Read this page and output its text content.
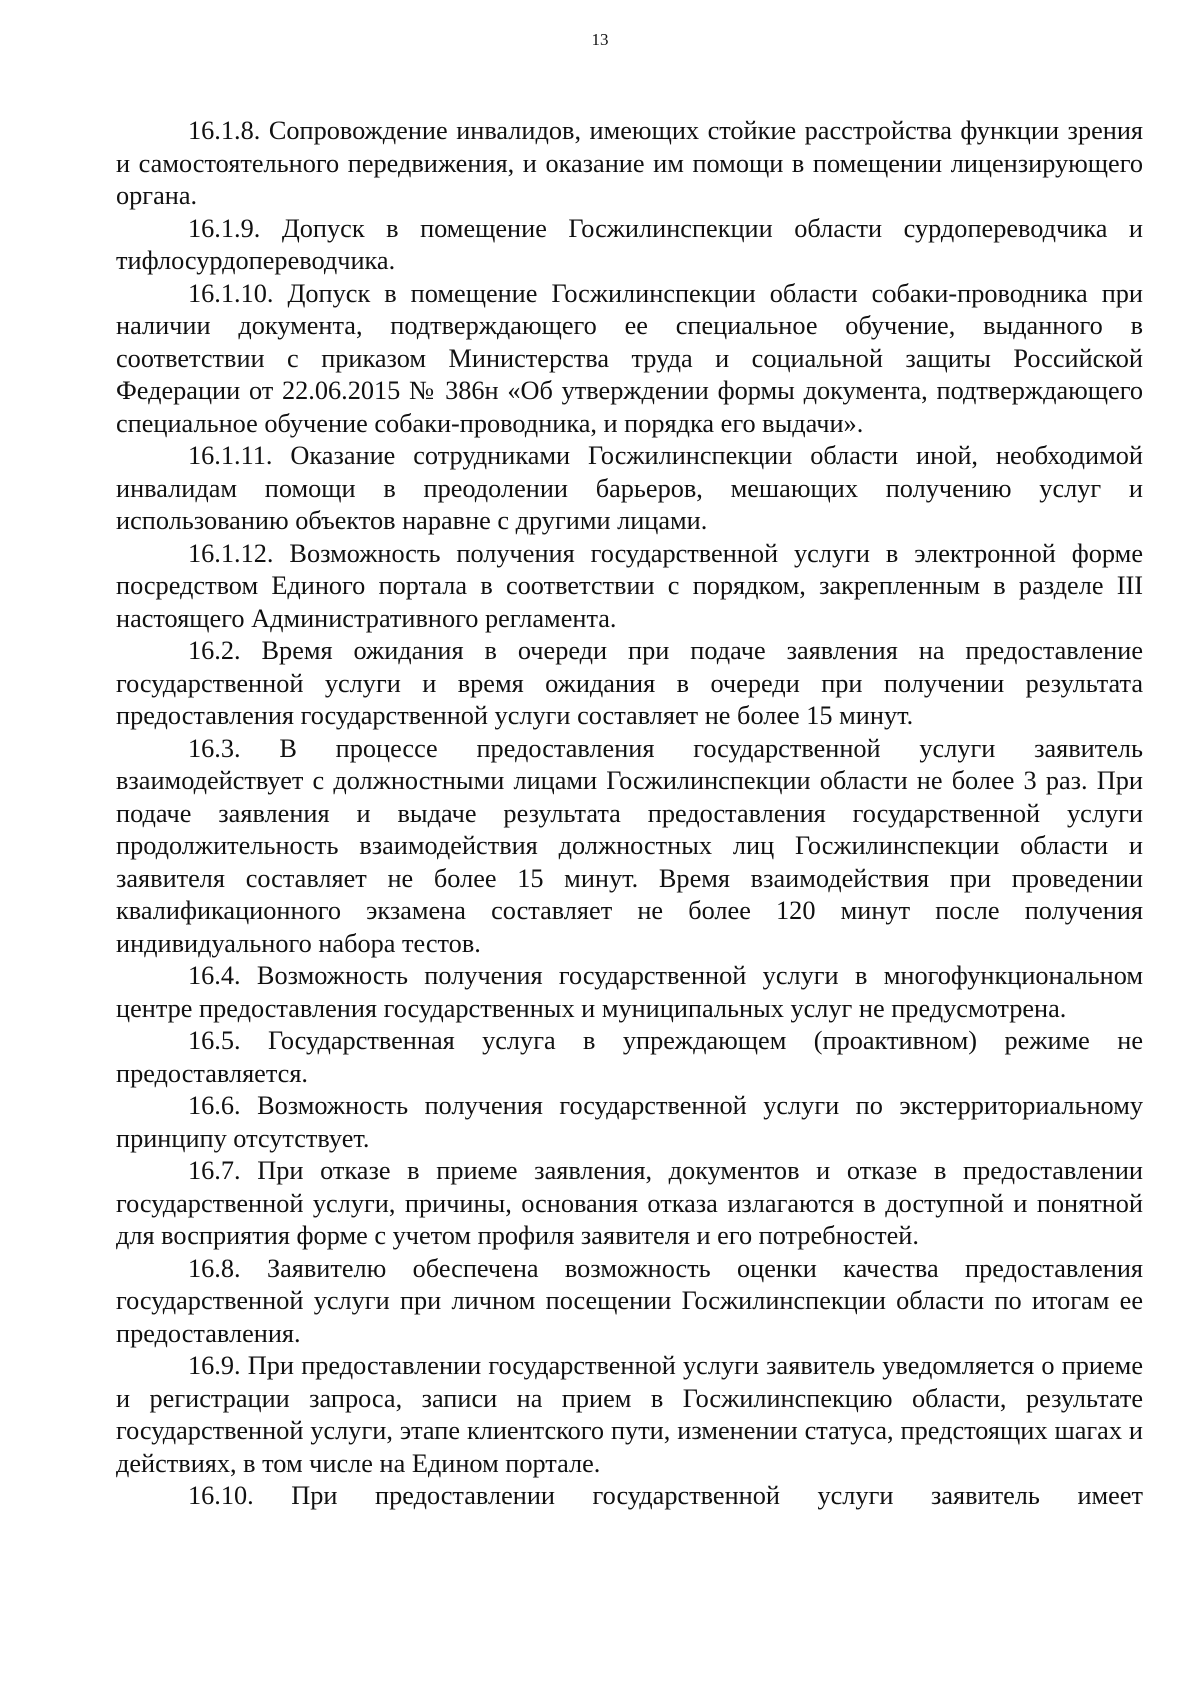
13

16.1.8. Сопровождение инвалидов, имеющих стойкие расстройства функции зрения и самостоятельного передвижения, и оказание им помощи в помещении лицензирующего органа.

16.1.9. Допуск в помещение Госжилинспекции области сурдопереводчика и тифлосурдопереводчика.

16.1.10. Допуск в помещение Госжилинспекции области собаки-проводника при наличии документа, подтверждающего ее специальное обучение, выданного в соответствии с приказом Министерства труда и социальной защиты Российской Федерации от 22.06.2015 № 386н «Об утверждении формы документа, подтверждающего специальное обучение собаки-проводника, и порядка его выдачи».

16.1.11. Оказание сотрудниками Госжилинспекции области иной, необходимой инвалидам помощи в преодолении барьеров, мешающих получению услуг и использованию объектов наравне с другими лицами.

16.1.12. Возможность получения государственной услуги в электронной форме посредством Единого портала в соответствии с порядком, закрепленным в разделе III настоящего Административного регламента.

16.2. Время ожидания в очереди при подаче заявления на предоставление государственной услуги и время ожидания в очереди при получении результата предоставления государственной услуги составляет не более 15 минут.

16.3. В процессе предоставления государственной услуги заявитель взаимодействует с должностными лицами Госжилинспекции области не более 3 раз. При подаче заявления и выдаче результата предоставления государственной услуги продолжительность взаимодействия должностных лиц Госжилинспекции области и заявителя составляет не более 15 минут. Время взаимодействия при проведении квалификационного экзамена составляет не более 120 минут после получения индивидуального набора тестов.

16.4. Возможность получения государственной услуги в многофункциональном центре предоставления государственных и муниципальных услуг не предусмотрена.

16.5. Государственная услуга в упреждающем (проактивном) режиме не предоставляется.

16.6. Возможность получения государственной услуги по экстерриториальному принципу отсутствует.

16.7. При отказе в приеме заявления, документов и отказе в предоставлении государственной услуги, причины, основания отказа излагаются в доступной и понятной для восприятия форме с учетом профиля заявителя и его потребностей.

16.8. Заявителю обеспечена возможность оценки качества предоставления государственной услуги при личном посещении Госжилинспекции области по итогам ее предоставления.

16.9. При предоставлении государственной услуги заявитель уведомляется о приеме и регистрации запроса, записи на прием в Госжилинспекцию области, результате государственной услуги, этапе клиентского пути, изменении статуса, предстоящих шагах и действиях, в том числе на Едином портале.

16.10. При предоставлении государственной услуги заявитель имеет
